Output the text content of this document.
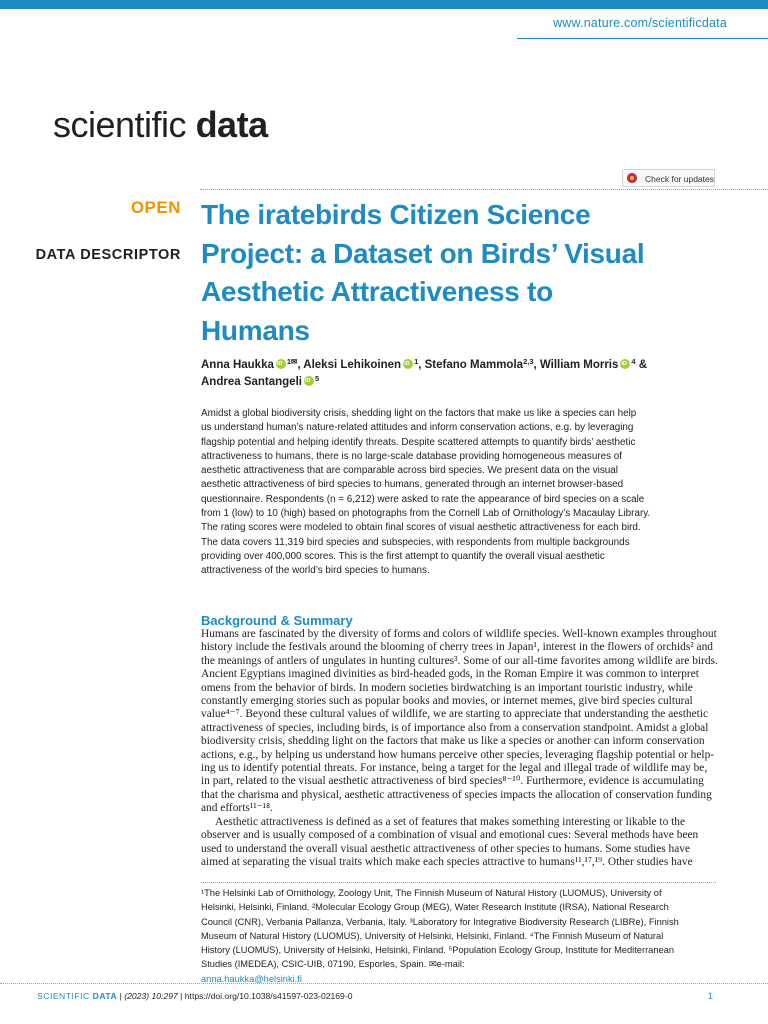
www.nature.com/scientificdata
scientific data
Check for updates
OPEN
DATA DESCRIPTOR
The iratebirds Citizen Science
Project: a Dataset on Birds’ Visual
Aesthetic Attractiveness to
Humans
Anna Haukka iD $^{1✉}$, Aleksi Lehikoinen iD $^1$, Stefano Mammola$^{2,3}$, William Morris iD $^4$ &
Andrea Santangeli iD $^5$
Amidst a global biodiversity crisis, shedding light on the factors that make us like a species can help
us understand human’s nature-related attitudes and inform conservation actions, e.g. by leveraging
flagship potential and helping identify threats. Despite scattered attempts to quantify birds’ aesthetic
attractiveness to humans, there is no large-scale database providing homogeneous measures of
aesthetic attractiveness that are comparable across bird species. We present data on the visual
aesthetic attractiveness of bird species to humans, generated through an internet browser-based
questionnaire. Respondents (n = 6,212) were asked to rate the appearance of bird species on a scale
from 1 (low) to 10 (high) based on photographs from the Cornell Lab of Ornithology’s Macaulay Library.
The rating scores were modeled to obtain final scores of visual aesthetic attractiveness for each bird.
The data covers 11,319 bird species and subspecies, with respondents from multiple backgrounds
providing over 400,000 scores. This is the first attempt to quantify the overall visual aesthetic
attractiveness of the world’s bird species to humans.
Background & Summary
Humans are fascinated by the diversity of forms and colors of wildlife species. Well-known examples throughout
history include the festivals around the blooming of cherry trees in Japan¹, interest in the flowers of orchids² and
the meanings of antlers of ungulates in hunting cultures³. Some of our all-time favorites among wildlife are birds.
Ancient Egyptians imagined divinities as bird-headed gods, in the Roman Empire it was common to interpret
omens from the behavior of birds. In modern societies birdwatching is an important touristic industry, while
constantly emerging stories such as popular books and movies, or internet memes, give bird species cultural
value⁴⁻⁷. Beyond these cultural values of wildlife, we are starting to appreciate that understanding the aesthetic
attractiveness of species, including birds, is of importance also from a conservation standpoint. Amidst a global
biodiversity crisis, shedding light on the factors that make us like a species or another can inform conservation
actions, e.g., by helping us understand how humans perceive other species, leveraging flagship potential or help-
ing us to identify potential threats. For instance, being a target for the legal and illegal trade of wildlife may be,
in part, related to the visual aesthetic attractiveness of bird species⁸⁻¹⁰. Furthermore, evidence is accumulating
that the charisma and physical, aesthetic attractiveness of species impacts the allocation of conservation funding
and efforts¹¹⁻¹⁸.
Aesthetic attractiveness is defined as a set of features that makes something interesting or likable to the
observer and is usually composed of a combination of visual and emotional cues: Several methods have been
used to understand the overall visual aesthetic attractiveness of other species to humans. Some studies have
aimed at separating the visual traits which make each species attractive to humans¹¹,¹⁷,¹⁹. Other studies have
¹The Helsinki Lab of Ornithology, Zoology Unit, The Finnish Museum of Natural History (LUOMUS), University of
Helsinki, Helsinki, Finland. ²Molecular Ecology Group (MEG), Water Research Institute (IRSA), National Research
Council (CNR), Verbania Pallanza, Verbania, Italy. ³Laboratory for Integrative Biodiversity Research (LIBRe), Finnish
Museum of Natural History (LUOMUS), University of Helsinki, Helsinki, Finland. ⁴The Finnish Museum of Natural
History (LUOMUS), University of Helsinki, Helsinki, Finland. ⁵Population Ecology Group, Institute for Mediterranean
Studies (IMEDEA), CSIC-UIB, 07190, Esporles, Spain. ✉e-mail:
anna.haukka@helsinki.fi
SCIENTIFIC DATA | (2023) 10:297 | https://doi.org/10.1038/s41597-023-02169-0	1
